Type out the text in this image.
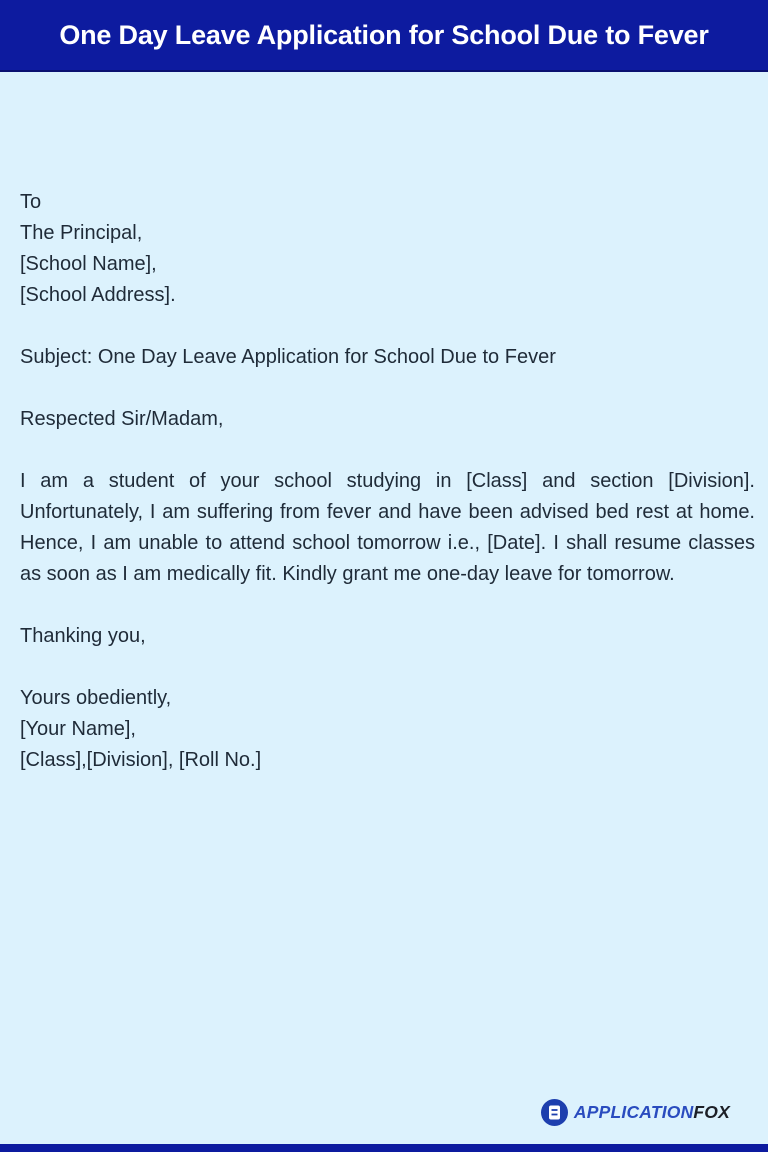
One Day Leave Application for School Due to Fever
To
The Principal,
[School Name],
[School Address].
Subject: One Day Leave Application for School Due to Fever
Respected Sir/Madam,

I am a student of your school studying in [Class] and section [Division]. Unfortunately, I am suffering from fever and have been advised bed rest at home. Hence, I am unable to attend school tomorrow i.e., [Date]. I shall resume classes as soon as I am medically fit. Kindly grant me one-day leave for tomorrow.

Thanking you,
Yours obediently,
[Your Name],
[Class],[Division], [Roll No.]
APPLICATIONFOX
